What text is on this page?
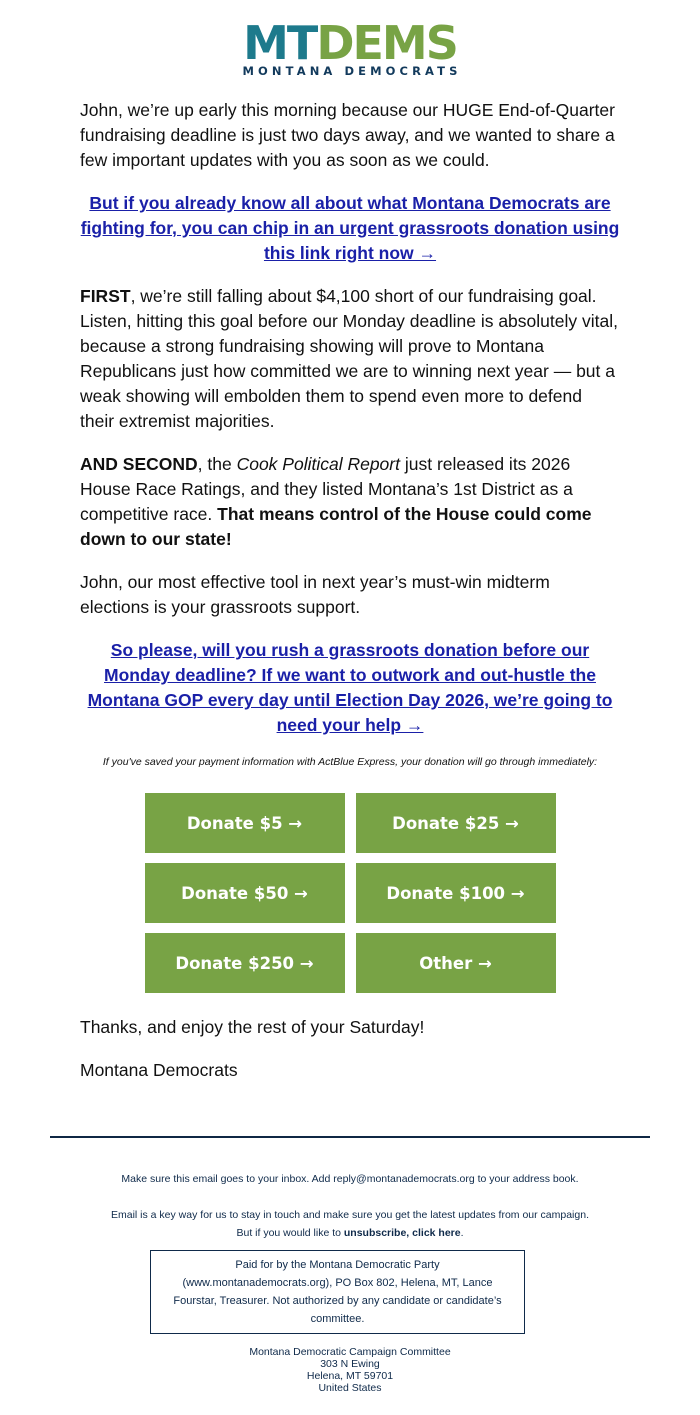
MTDEMS
MONTANA DEMOCRATS

John, we’re up early this morning because our HUGE End-of-Quarter fundraising deadline is just two days away, and we wanted to share a few important updates with you as soon as we could.

But if you already know all about what Montana Democrats are fighting for, you can chip in an urgent grassroots donation using this link right now →

FIRST, we’re still falling about $4,100 short of our fundraising goal. Listen, hitting this goal before our Monday deadline is absolutely vital, because a strong fundraising showing will prove to Montana Republicans just how committed we are to winning next year — but a weak showing will embolden them to spend even more to defend their extremist majorities.

AND SECOND, the Cook Political Report just released its 2026 House Race Ratings, and they listed Montana’s 1st District as a competitive race. That means control of the House could come down to our state!

John, our most effective tool in next year’s must-win midterm elections is your grassroots support.

So please, will you rush a grassroots donation before our Monday deadline? If we want to outwork and out-hustle the Montana GOP every day until Election Day 2026, we’re going to need your help →

If you've saved your payment information with ActBlue Express, your donation will go through immediately:

Donate $5 →	Donate $25 →
Donate $50 →	Donate $100 →
Donate $250 →	Other →

Thanks, and enjoy the rest of your Saturday!

Montana Democrats

Make sure this email goes to your inbox. Add reply@montanademocrats.org to your address book.

Email is a key way for us to stay in touch and make sure you get the latest updates from our campaign.

But if you would like to unsubscribe, click here.

Paid for by the Montana Democratic Party (www.montanademocrats.org), PO Box 802, Helena, MT, Lance Fourstar, Treasurer. Not authorized by any candidate or candidate’s committee.
Montana Democratic Campaign Committee
303 N Ewing
Helena, MT 59701
United States
